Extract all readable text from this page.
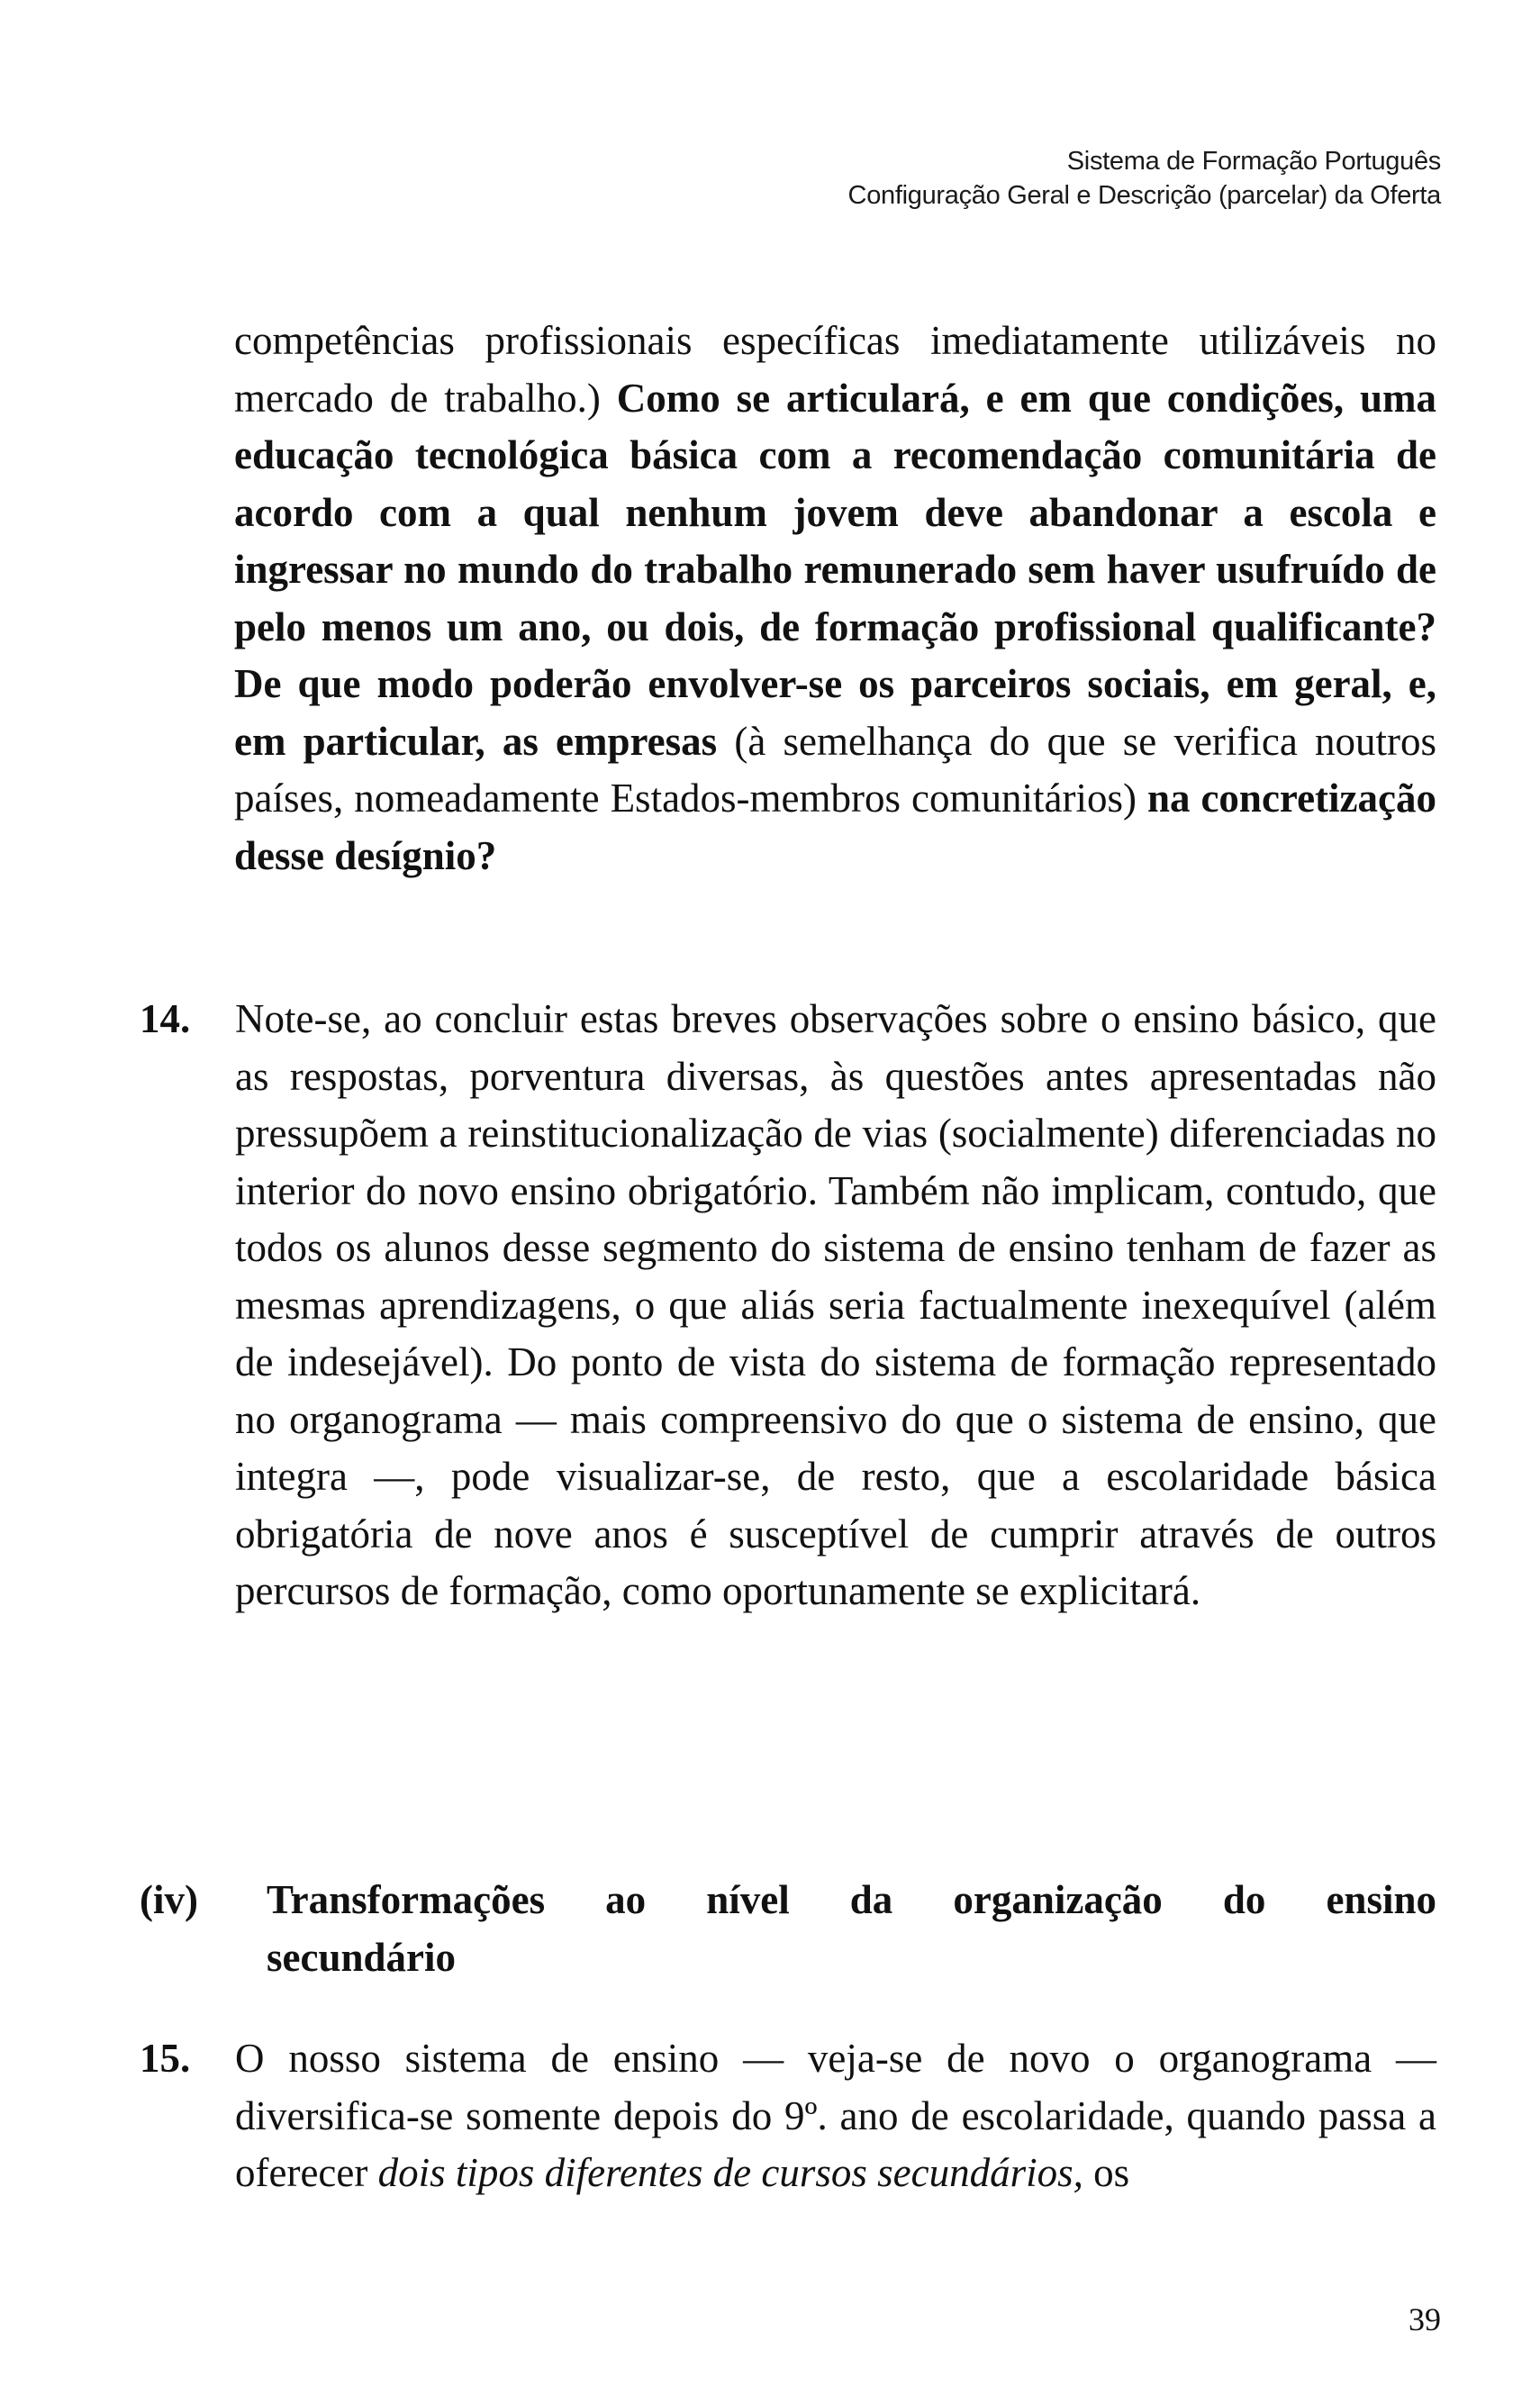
Sistema de Formação Português
Configuração Geral e Descrição (parcelar) da Oferta
competências profissionais específicas imediatamente utilizáveis no mercado de trabalho.) Como se articulará, e em que condições, uma educação tecnológica básica com a recomendação comunitária de acordo com a qual nenhum jovem deve abandonar a escola e ingressar no mundo do trabalho remunerado sem haver usufruído de pelo menos um ano, ou dois, de formação profissional qualificante? De que modo poderão envolver-se os parceiros sociais, em geral, e, em particular, as empresas (à semelhança do que se verifica noutros países, nomeadamente Estados-membros comunitários) na concretização desse desígnio?
14. Note-se, ao concluir estas breves observações sobre o ensino básico, que as respostas, porventura diversas, às questões antes apresentadas não pressupõem a reinstitucionalização de vias (socialmente) diferenciadas no interior do novo ensino obrigatório. Também não implicam, contudo, que todos os alunos desse segmento do sistema de ensino tenham de fazer as mesmas aprendizagens, o que aliás seria factualmente inexequível (além de indesejável). Do ponto de vista do sistema de formação representado no organograma — mais compreensivo do que o sistema de ensino, que integra —, pode visualizar-se, de resto, que a escolaridade básica obrigatória de nove anos é susceptível de cumprir através de outros percursos de formação, como oportunamente se explicitará.
(iv) Transformações ao nível da organização do ensino
secundário
15. O nosso sistema de ensino — veja-se de novo o organograma — diversifica-se somente depois do 9º. ano de escolaridade, quando passa a oferecer dois tipos diferentes de cursos secundários, os
39
